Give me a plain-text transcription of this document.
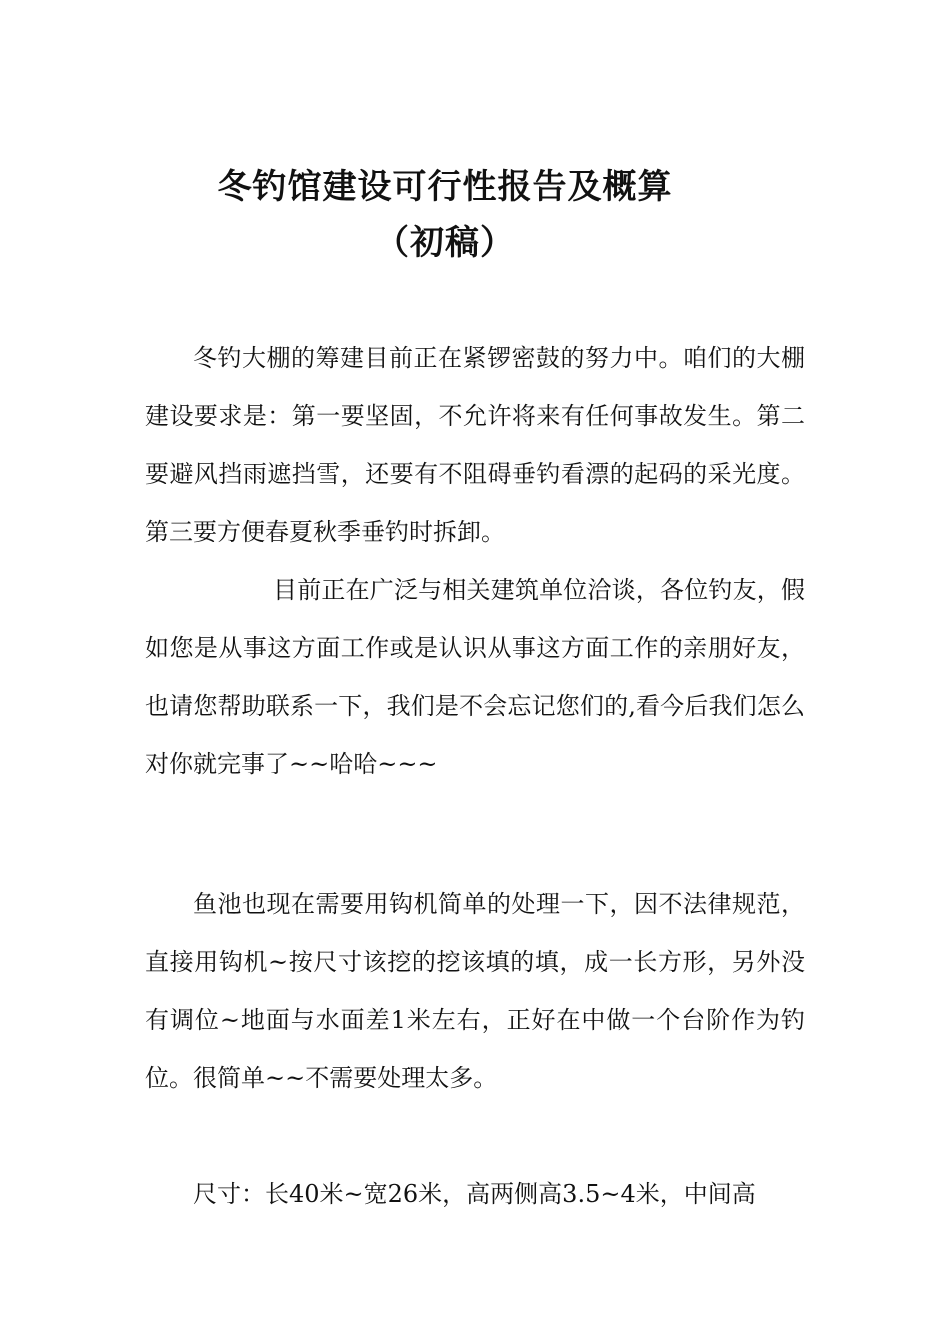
冬钓馆建设可行性报告及概算
（初稿）

冬钓大棚的筹建目前正在紧锣密鼓的努力中。咱们的大棚建设要求是：第一要坚固，不允许将来有任何事故发生。第二要避风挡雨遮挡雪，还要有不阻碍垂钓看漂的起码的采光度。第三要方便春夏秋季垂钓时拆卸。

目前正在广泛与相关建筑单位洽谈，各位钓友，假如您是从事这方面工作或是认识从事这方面工作的亲朋好友，也请您帮助联系一下，我们是不会忘记您们的,看今后我们怎么对你就完事了~~哈哈~~~

鱼池也现在需要用钩机简单的处理一下，因不法律规范，直接用钩机~按尺寸该挖的挖该填的填，成一长方形，另外没有调位~地面与水面差1米左右，正好在中做一个台阶作为钓位。很简单~~不需要处理太多。

尺寸：长40米~宽26米，高两侧高3.5~4米，中间高
